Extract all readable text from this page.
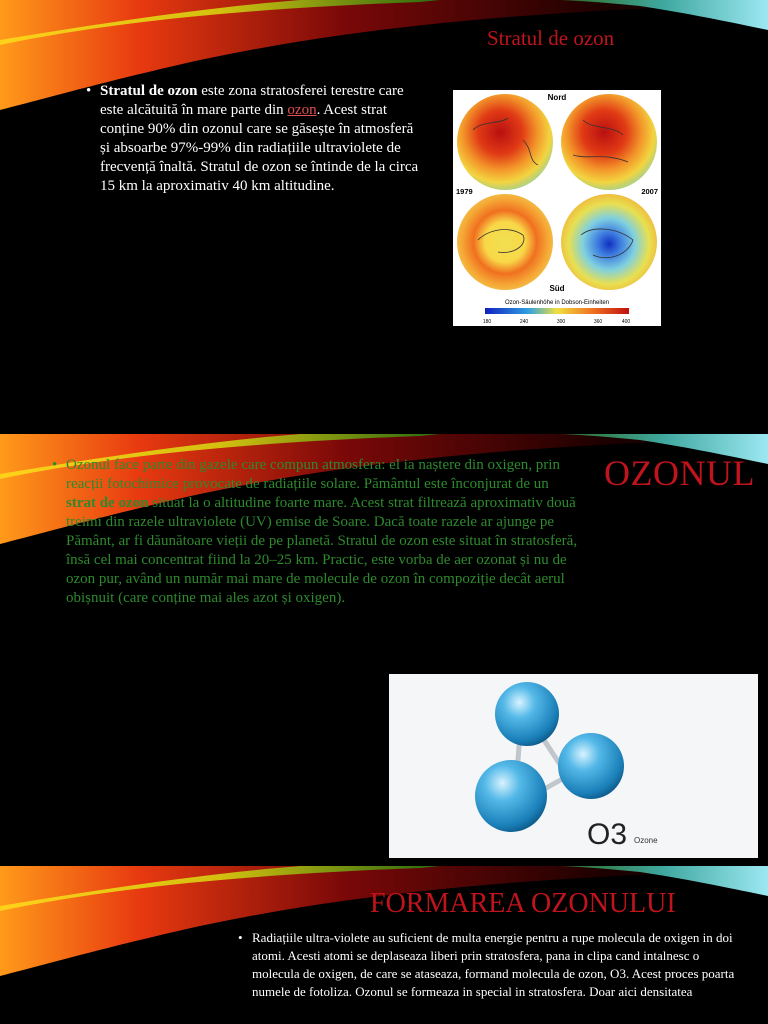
Stratul de ozon
• Stratul de ozon este zona stratosferei terestre care este alcătuită în mare parte din ozon. Acest strat conține 90% din ozonul care se găsește în atmosferă și absoarbe 97%-99% din radiațiile ultraviolete de frecvență înaltă. Stratul de ozon se întinde de la circa 15 km la aproximativ 40 km altitudine.
Nord
1979	2007
Süd
Ozon-Säulenhöhe in Dobson-Einheiten
180	240	300	360	400
OZONUL
• Ozonul face parte din gazele care compun atmosfera: el ia naștere din oxigen, prin reacții fotochimice provocate de radiațiile solare. Pământul este înconjurat de un strat de ozon situat la o altitudine foarte mare. Acest strat filtrează aproximativ două treimi din razele ultraviolete (UV) emise de Soare. Dacă toate razele ar ajunge pe Pământ, ar fi dăunătoare vieții de pe planetă. Stratul de ozon este situat în stratosferă, însă cel mai concentrat fiind la 20–25 km. Practic, este vorba de aer ozonat și nu de ozon pur, având un număr mai mare de molecule de ozon în compoziție decât aerul obișnuit (care conține mai ales azot și oxigen).
O3 Ozone
FORMAREA OZONULUI
• Radiațiile ultra-violete au suficient de multa energie pentru a rupe molecula de oxigen in doi atomi. Acesti atomi se deplaseaza liberi prin stratosfera, pana in clipa cand intalnesc o molecula de oxigen, de care se ataseaza, formand molecula de ozon, O3. Acest proces poarta numele de fotoliza. Ozonul se formeaza in special in stratosfera. Doar aici densitatea
